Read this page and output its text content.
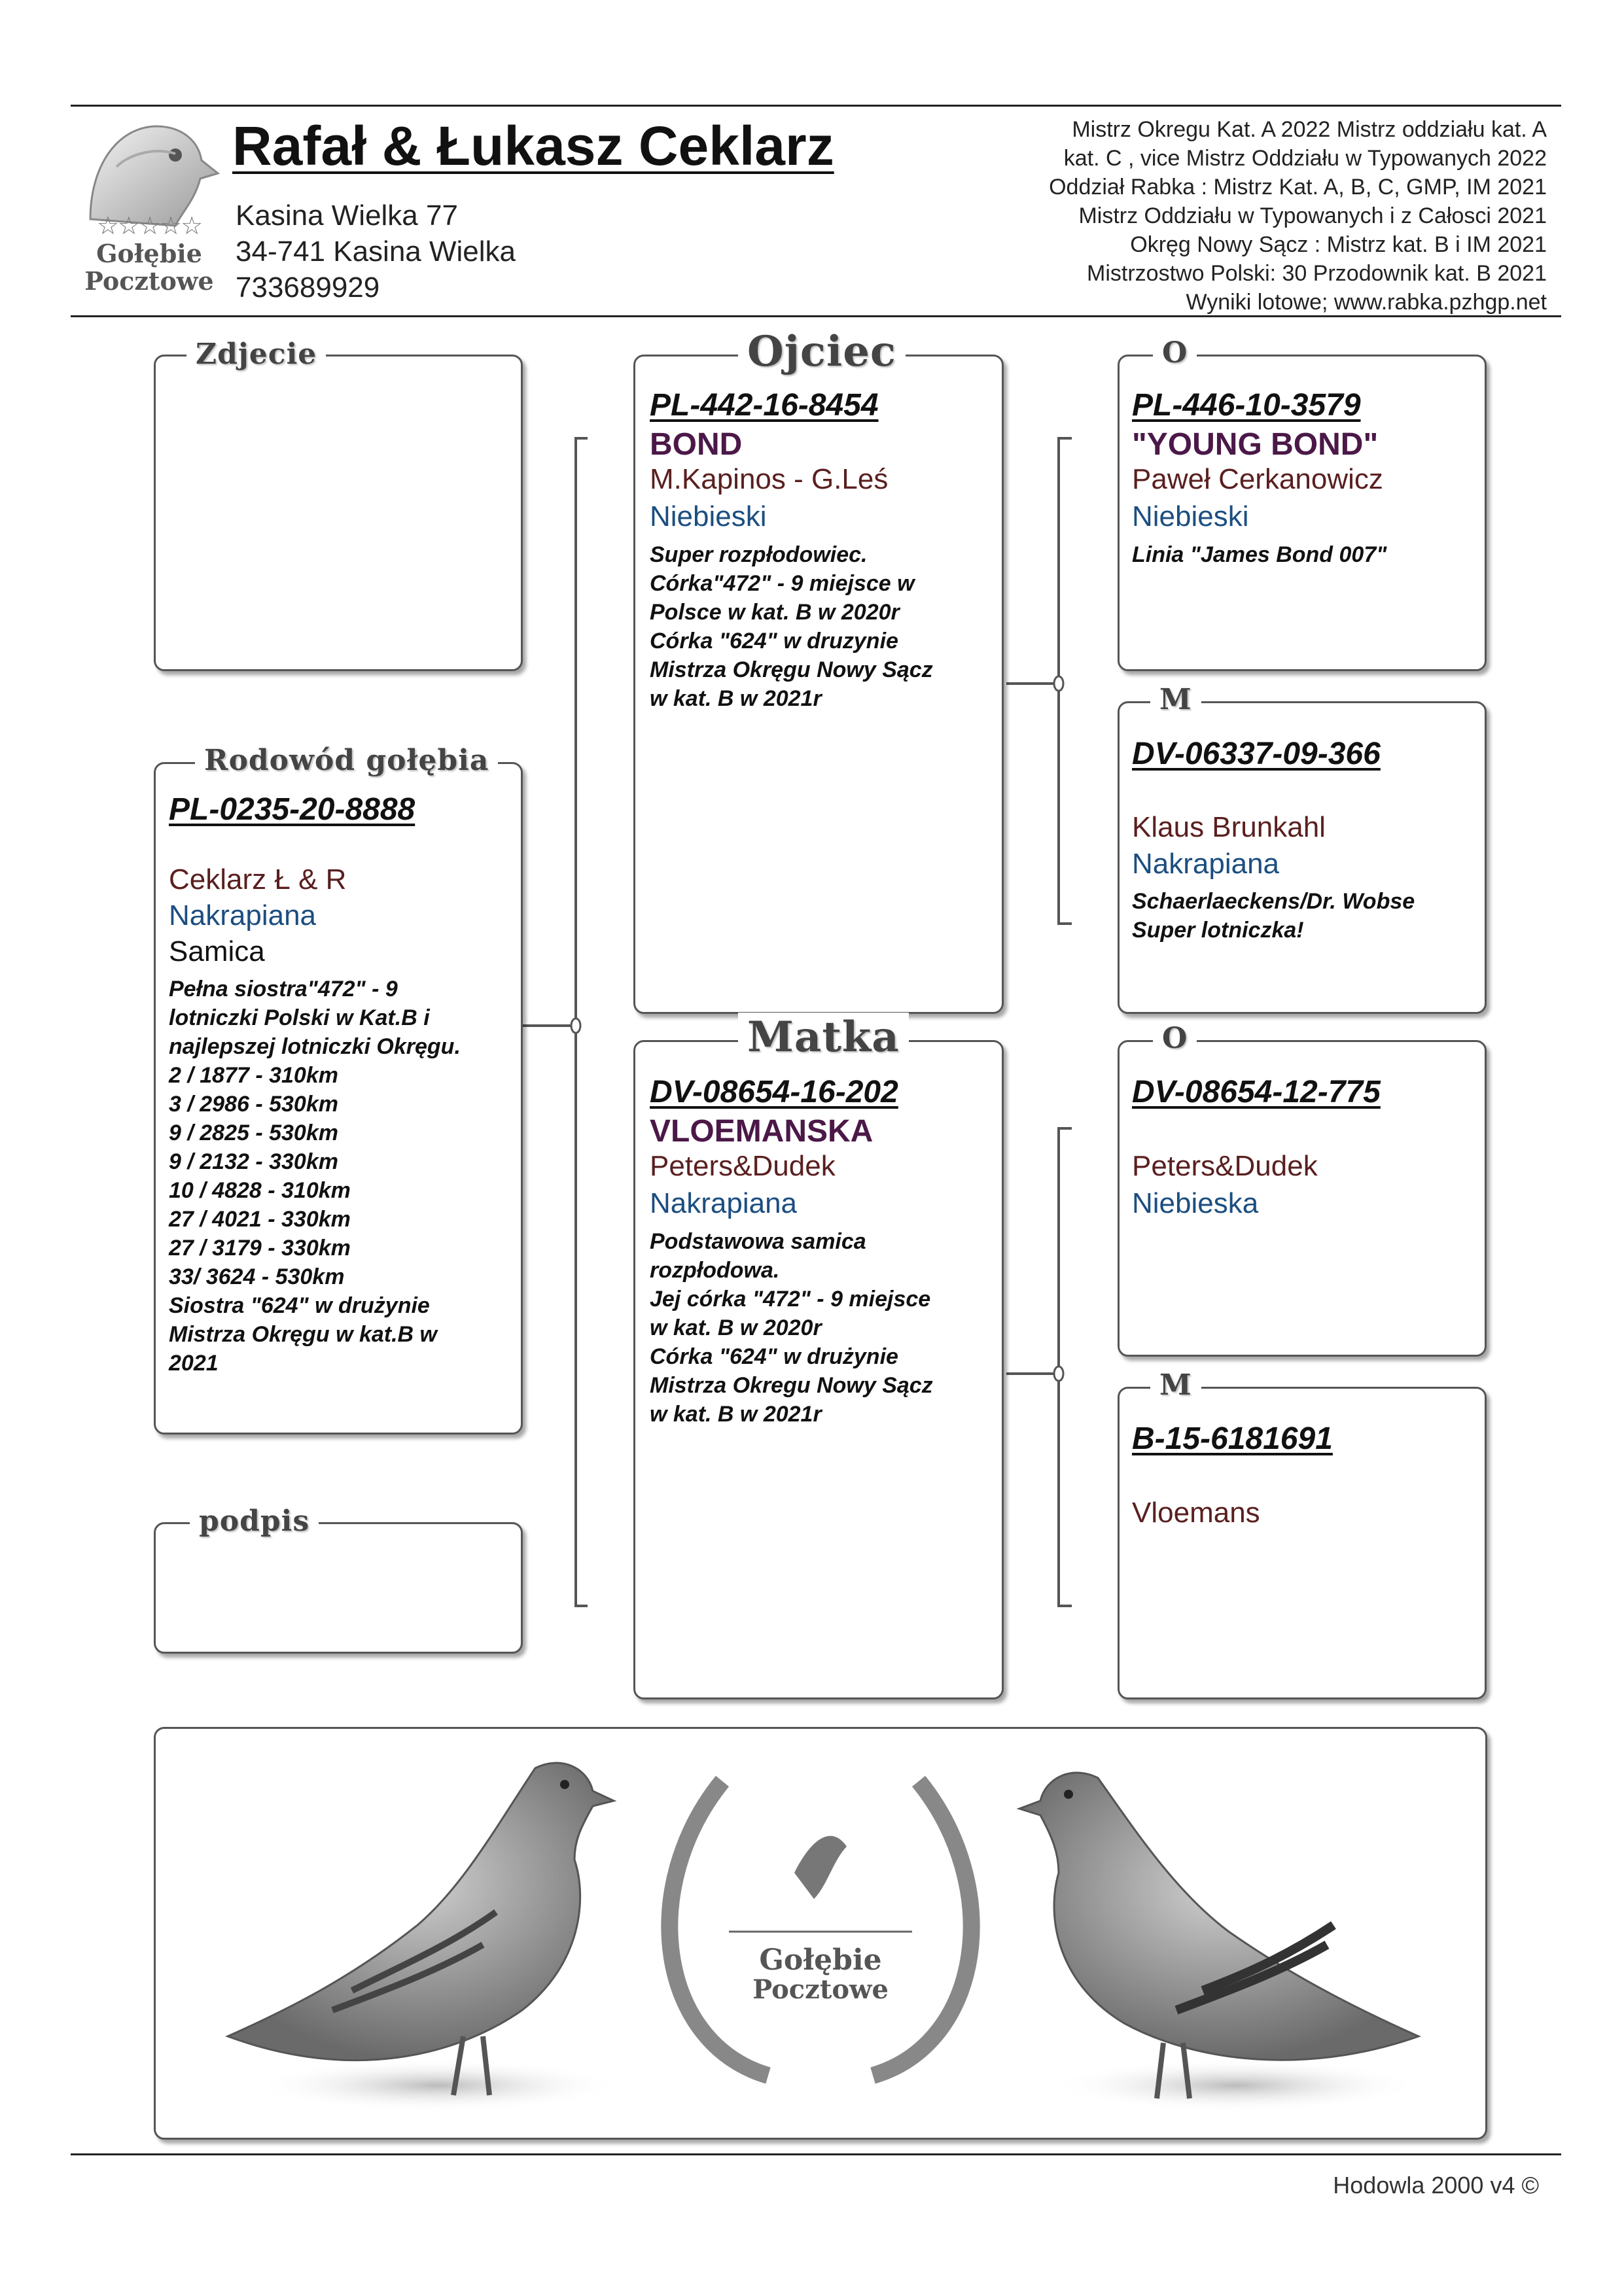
☆☆☆☆☆
Gołębie
Pocztowe
Rafał & Łukasz Ceklarz
Kasina Wielka 77
34-741 Kasina Wielka
733689929
Mistrz Okregu Kat. A 2022 Mistrz oddziału kat. A
kat. C , vice Mistrz Oddziału w Typowanych 2022
Oddział Rabka : Mistrz Kat. A, B, C, GMP, IM 2021
Mistrz Oddziału w Typowanych i z Całosci 2021
Okręg Nowy Sącz : Mistrz kat. B i IM 2021
Mistrzostwo Polski: 30 Przodownik kat. B 2021
Wyniki lotowe; www.rabka.pzhgp.net
Zdjecie
Rodowód gołębia
PL-0235-20-8888
Ceklarz Ł & R
Nakrapiana
Samica
Pełna siostra"472" - 9
lotniczki Polski w Kat.B i
najlepszej lotniczki Okręgu.
2 / 1877 - 310km
3 / 2986 - 530km
9 / 2825 - 530km
9 / 2132 - 330km
10 / 4828 - 310km
27 / 4021 - 330km
27 / 3179 - 330km
33/ 3624 - 530km
Siostra "624" w drużynie
Mistrza Okręgu w kat.B w
2021
podpis
Ojciec
PL-442-16-8454
BOND
M.Kapinos - G.Leś
Niebieski
Super rozpłodowiec.
Córka"472" - 9 miejsce w
Polsce w kat. B w 2020r
Córka "624" w druzynie
Mistrza Okręgu Nowy Sącz
w kat. B w 2021r
Matka
DV-08654-16-202
VLOEMANSKA
Peters&Dudek
Nakrapiana
Podstawowa samica
rozpłodowa.
Jej córka "472" - 9 miejsce
w kat. B w 2020r
Córka "624" w drużynie
Mistrza Okregu Nowy Sącz
w kat. B w 2021r
O
PL-446-10-3579
"YOUNG BOND"
Paweł Cerkanowicz
Niebieski
Linia "James Bond 007"
M
DV-06337-09-366
Klaus Brunkahl
Nakrapiana
Schaerlaeckens/Dr. Wobse
Super lotniczka!
O
DV-08654-12-775
Peters&Dudek
Niebieska
M
B-15-6181691
Vloemans
Gołębie
Pocztowe
Hodowla 2000 v4 ©
